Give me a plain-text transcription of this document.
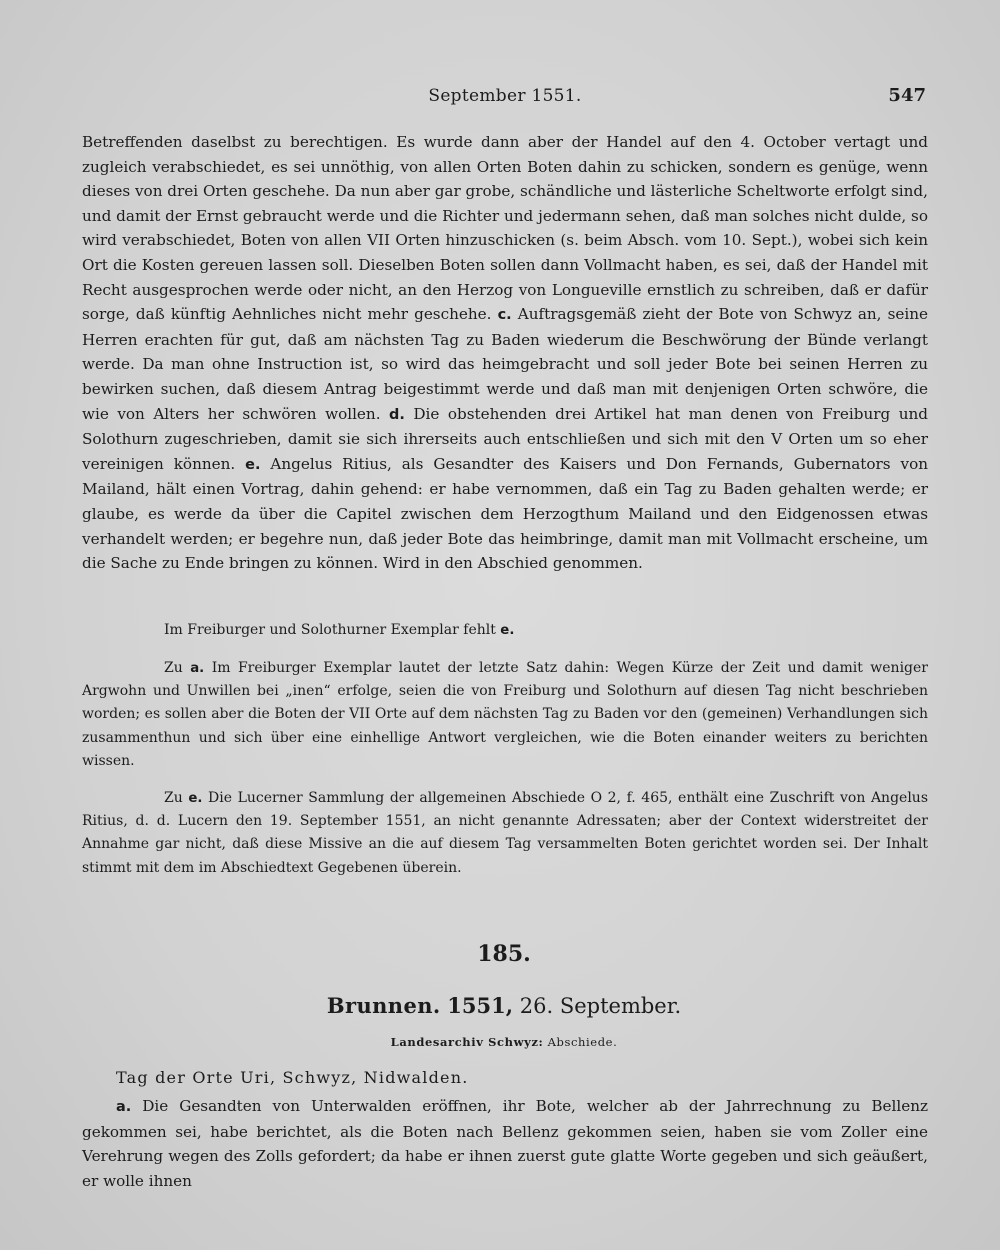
September 1551.	547

Betreffenden daselbst zu berechtigen. Es wurde dann aber der Handel auf den 4. October vertagt und zugleich verabschiedet, es sei unnöthig, von allen Orten Boten dahin zu schicken, sondern es genüge, wenn dieses von drei Orten geschehe. Da nun aber gar grobe, schändliche und lästerliche Scheltworte erfolgt sind, und damit der Ernst gebraucht werde und die Richter und jedermann sehen, daß man solches nicht dulde, so wird verabschiedet, Boten von allen VII Orten hinzuschicken (s. beim Absch. vom 10. Sept.), wobei sich kein Ort die Kosten gereuen lassen soll. Dieselben Boten sollen dann Vollmacht haben, es sei, daß der Handel mit Recht ausgesprochen werde oder nicht, an den Herzog von Longueville ernstlich zu schreiben, daß er dafür sorge, daß künftig Aehnliches nicht mehr geschehe. c. Auftragsgemäß zieht der Bote von Schwyz an, seine Herren erachten für gut, daß am nächsten Tag zu Baden wiederum die Beschwörung der Bünde verlangt werde. Da man ohne Instruction ist, so wird das heimgebracht und soll jeder Bote bei seinen Herren zu bewirken suchen, daß diesem Antrag beigestimmt werde und daß man mit denjenigen Orten schwöre, die wie von Alters her schwören wollen. d. Die obstehenden drei Artikel hat man denen von Freiburg und Solothurn zugeschrieben, damit sie sich ihrerseits auch entschließen und sich mit den V Orten um so eher vereinigen können. e. Angelus Ritius, als Gesandter des Kaisers und Don Fernands, Gubernators von Mailand, hält einen Vortrag, dahin gehend: er habe vernommen, daß ein Tag zu Baden gehalten werde; er glaube, es werde da über die Capitel zwischen dem Herzogthum Mailand und den Eidgenossen etwas verhandelt werden; er begehre nun, daß jeder Bote das heimbringe, damit man mit Vollmacht erscheine, um die Sache zu Ende bringen zu können. Wird in den Abschied genommen.

Im Freiburger und Solothurner Exemplar fehlt e.

Zu a. Im Freiburger Exemplar lautet der letzte Satz dahin: Wegen Kürze der Zeit und damit weniger Argwohn und Unwillen bei „inen“ erfolge, seien die von Freiburg und Solothurn auf diesen Tag nicht beschrieben worden; es sollen aber die Boten der VII Orte auf dem nächsten Tag zu Baden vor den (gemeinen) Verhandlungen sich zusammenthun und sich über eine einhellige Antwort vergleichen, wie die Boten einander weiters zu berichten wissen.

Zu e. Die Lucerner Sammlung der allgemeinen Abschiede O 2, f. 465, enthält eine Zuschrift von Angelus Ritius, d. d. Lucern den 19. September 1551, an nicht genannte Adressaten; aber der Context widerstreitet der Annahme gar nicht, daß diese Missive an die auf diesem Tag versammelten Boten gerichtet worden sei. Der Inhalt stimmt mit dem im Abschiedtext Gegebenen überein.

185.
Brunnen. 1551, 26. September.
Landesarchiv Schwyz: Abschiede.
Tag der Orte Uri, Schwyz, Nidwalden.

a. Die Gesandten von Unterwalden eröffnen, ihr Bote, welcher ab der Jahrrechnung zu Bellenz gekommen sei, habe berichtet, als die Boten nach Bellenz gekommen seien, haben sie vom Zoller eine Verehrung wegen des Zolls gefordert; da habe er ihnen zuerst gute glatte Worte gegeben und sich geäußert, er wolle ihnen
